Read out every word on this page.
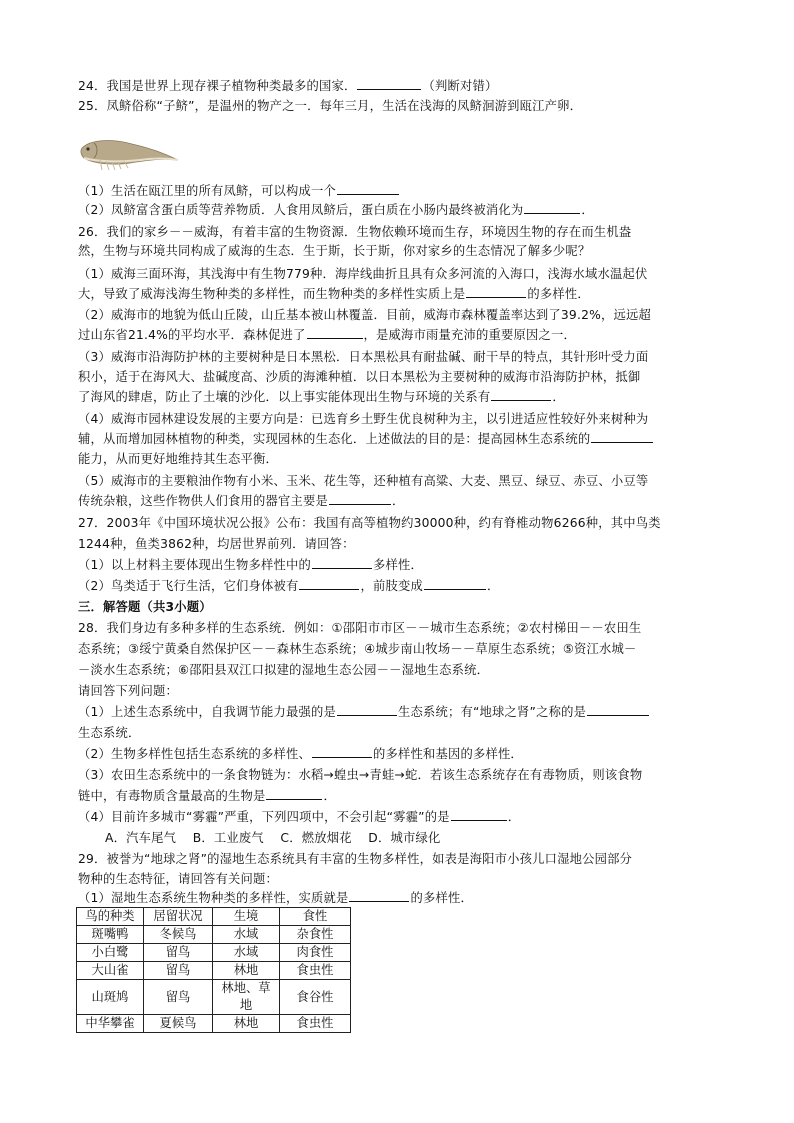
24．我国是世界上现存裸子植物种类最多的国家．	（判断对错）
25．凤鲚俗称“子鲚”，是温州的物产之一．每年三月，生活在浅海的凤鲚洄游到瓯江产卵．
（1）生活在瓯江里的所有凤鲚，可以构成一个
（2）凤鲚富含蛋白质等营养物质．人食用凤鲚后，蛋白质在小肠内最终被消化为	．
26．我们的家乡－－威海，有着丰富的生物资源．生物依赖环境而生存，环境因生物的存在而生机盎
然，生物与环境共同构成了威海的生态．生于斯，长于斯，你对家乡的生态情况了解多少呢？
（1）威海三面环海，其浅海中有生物779种．海岸线曲折且具有众多河流的入海口，浅海水域水温起伏
大，导致了威海浅海生物种类的多样性，而生物种类的多样性实质上是	的多样性．
（2）威海市的地貌为低山丘陵，山丘基本被山林覆盖．目前，威海市森林覆盖率达到了39.2%，远远超
过山东省21.4%的平均水平．森林促进了	，是威海市雨量充沛的重要原因之一．
（3）威海市沿海防护林的主要树种是日本黑松．日本黑松具有耐盐碱、耐干旱的特点，其针形叶受力面
积小，适于在海风大、盐碱度高、沙质的海滩种植．以日本黑松为主要树种的威海市沿海防护林，抵御
了海风的肆虐，防止了土壤的沙化．以上事实能体现出生物与环境的关系有	．
（4）威海市园林建设发展的主要方向是：已选育乡土野生优良树种为主，以引进适应性较好外来树种为
辅，从而增加园林植物的种类，实现园林的生态化．上述做法的目的是：提高园林生态系统的
能力，从而更好地维持其生态平衡．
（5）威海市的主要粮油作物有小米、玉米、花生等，还种植有高粱、大麦、黑豆、绿豆、赤豆、小豆等
传统杂粮，这些作物供人们食用的器官主要是	．
27．2003年《中国环境状况公报》公布：我国有高等植物约30000种，约有脊椎动物6266种，其中鸟类
1244种，鱼类3862种，均居世界前列．请回答：
（1）以上材料主要体现出生物多样性中的	多样性．
（2）鸟类适于飞行生活，它们身体被有	，前肢变成	．
三．解答题（共3小题）
28．我们身边有多种多样的生态系统．例如：①邵阳市市区－－城市生态系统；②农村梯田－－农田生
态系统；③绥宁黄桑自然保护区－－森林生态系统；④城步南山牧场－－草原生态系统；⑤资江水城－
－淡水生态系统；⑥邵阳县双江口拟建的湿地生态公园－－湿地生态系统．
请回答下列问题：
（1）上述生态系统中，自我调节能力最强的是	生态系统；有“地球之肾”之称的是
生态系统．
（2）生物多样性包括生态系统的多样性、	的多样性和基因的多样性．
（3）农田生态系统中的一条食物链为：水稻→蝗虫→青蛙→蛇．若该生态系统存在有毒物质，则该食物
链中，有毒物质含量最高的生物是	．
（4）目前许多城市“雾霾”严重，下列四项中，不会引起“雾霾”的是	．
A．汽车尾气　 B．工业废气　 C．燃放烟花　 D．城市绿化
29．被誉为“地球之肾”的湿地生态系统具有丰富的生物多样性，如表是海阳市小孩儿口湿地公园部分
物种的生态特征，请回答有关问题：
（1）湿地生态系统生物种类的多样性，实质就是	的多样性．
鸟的种类	居留状况	生境	食性
斑嘴鸭	冬候鸟	水域	杂食性
小白鹭	留鸟	水域	肉食性
大山雀	留鸟	林地	食虫性
山斑鸠	留鸟	林地、草地	食谷性
中华攀雀	夏候鸟	林地	食虫性
